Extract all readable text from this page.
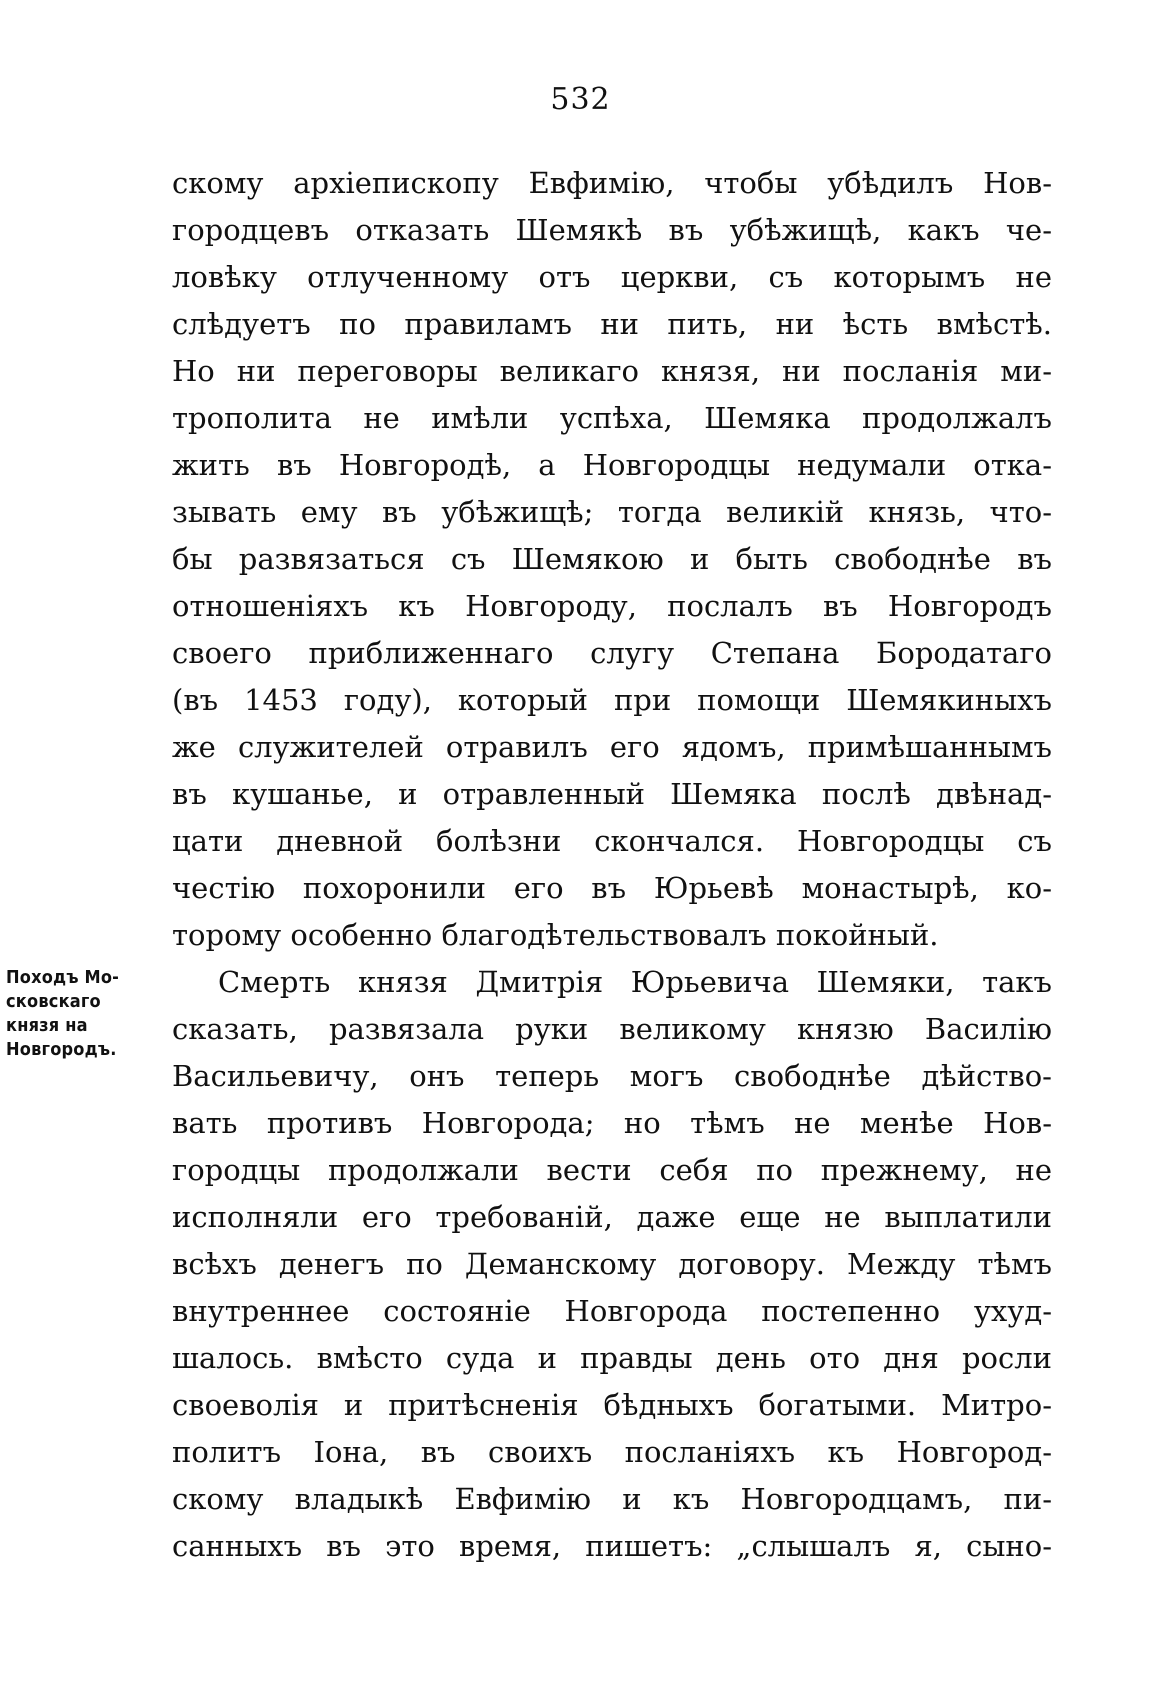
532
Походъ Мо-
сковскаго
князя на
Новгородъ.
скому архіепископу Евфимію, чтобы убѣдилъ Нов-
городцевъ отказать Шемякѣ въ убѣжищѣ, какъ че-
ловѣку отлученному отъ церкви, съ которымъ не
слѣдуетъ по правиламъ ни пить, ни ѣсть вмѣстѣ.
Но ни переговоры великаго князя, ни посланія ми-
трополита не имѣли успѣха, Шемяка продолжалъ
жить въ Новгородѣ, а Новгородцы недумали отка-
зывать ему въ убѣжищѣ; тогда великій князь, что-
бы развязаться съ Шемякою и быть свободнѣе въ
отношеніяхъ къ Новгороду, послалъ въ Новгородъ
своего приближеннаго слугу Степана Бородатаго
(въ 1453 году), который при помощи Шемякиныхъ
же служителей отравилъ его ядомъ, примѣшаннымъ
въ кушанье, и отравленный Шемяка послѣ двѣнад-
цати дневной болѣзни скончался. Новгородцы съ
честію похоронили его въ Юрьевѣ монастырѣ, ко-
торому особенно благодѣтельствовалъ покойный.
Смерть князя Дмитрія Юрьевича Шемяки, такъ
сказать, развязала руки великому князю Василію
Васильевичу, онъ теперь могъ свободнѣе дѣйство-
вать противъ Новгорода; но тѣмъ не менѣе Нов-
городцы продолжали вести себя по прежнему, не
исполняли его требованій, даже еще не выплатили
всѣхъ денегъ по Деманскому договору. Между тѣмъ
внутреннее состояніе Новгорода постепенно ухуд-
шалось. вмѣсто суда и правды день ото дня росли
своеволія и притѣсненія бѣдныхъ богатыми. Митро-
политъ Іона, въ своихъ посланіяхъ къ Новгород-
скому владыкѣ Евфимію и къ Новгородцамъ, пи-
санныхъ въ это время, пишетъ: „слышалъ я, сыно-
